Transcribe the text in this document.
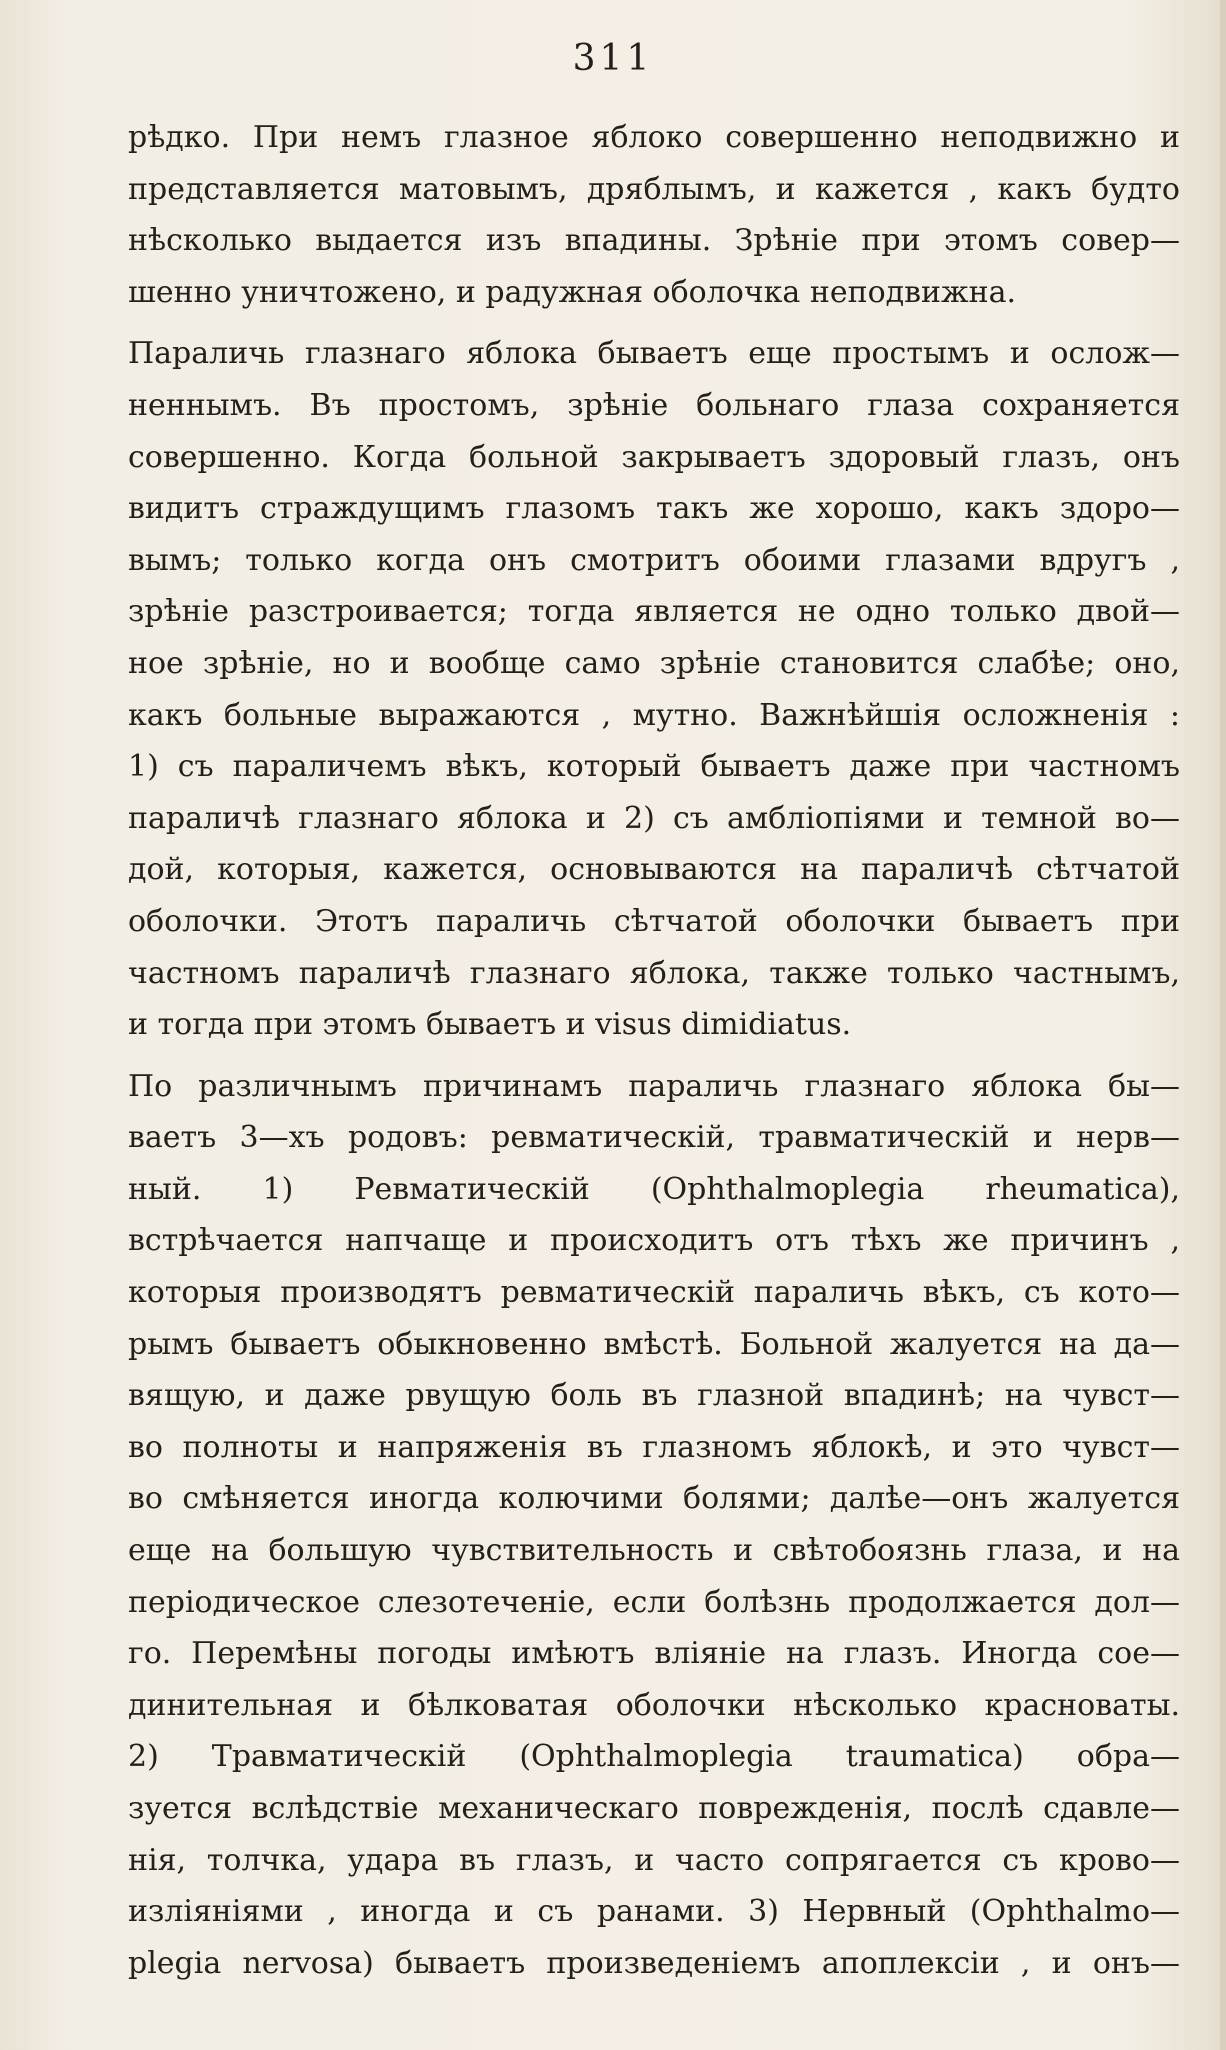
311
рѣдко. При немъ глазное яблоко совершенно неподвижно и
представляется матовымъ, дряблымъ, и кажется , какъ будто
нѣсколько выдается изъ впадины. Зрѣніе при этомъ совер—
шенно уничтожено, и радужная оболочка неподвижна.
Параличь глазнаго яблока бываетъ еще простымъ и ослож—
неннымъ. Въ простомъ, зрѣніе больнаго глаза сохраняется
совершенно. Когда больной закрываетъ здоровый глазъ, онъ
видитъ страждущимъ глазомъ такъ же хорошо, какъ здоро—
вымъ; только когда онъ смотритъ обоими глазами вдругъ ,
зрѣніе разстроивается; тогда является не одно только двой—
ное зрѣніе, но и вообще само зрѣніе становится слабѣе; оно,
какъ больные выражаются , мутно. Важнѣйшія осложненія :
1) съ параличемъ вѣкъ, который бываетъ даже при частномъ
параличѣ глазнаго яблока и 2) съ амбліопіями и темной во—
дой, которыя, кажется, основываются на параличѣ сѣтчатой
оболочки. Этотъ параличь сѣтчатой оболочки бываетъ при
частномъ параличѣ глазнаго яблока, также только частнымъ,
и тогда при этомъ бываетъ и visus dimidiatus.
По различнымъ причинамъ параличь глазнаго яблока бы—
ваетъ 3—хъ родовъ: ревматическій, травматическій и нерв—
ный. 1) Ревматическій (Ophthalmoplegia rheumatica),
встрѣчается напчаще и происходитъ отъ тѣхъ же причинъ ,
которыя производятъ ревматическій параличь вѣкъ, съ кото—
рымъ бываетъ обыкновенно вмѣстѣ. Больной жалуется на да—
вящую, и даже рвущую боль въ глазной впадинѣ; на чувст—
во полноты и напряженія въ глазномъ яблокѣ, и это чувст—
во смѣняется иногда колючими болями; далѣе—онъ жалуется
еще на большую чувствительность и свѣтобоязнь глаза, и на
періодическое слезотеченіе, если болѣзнь продолжается дол—
го. Перемѣны погоды имѣютъ вліяніе на глазъ. Иногда сое—
динительная и бѣлковатая оболочки нѣсколько красноваты.
2) Травматическій (Ophthalmoplegia traumatica) обра—
зуется вслѣдствіе механическаго поврежденія, послѣ сдавле—
нія, толчка, удара въ глазъ, и часто сопрягается съ крово—
изліяніями , иногда и съ ранами. 3) Нервный (Ophthalmo—
plegia nervosa) бываетъ произведеніемъ апоплексіи , и онъ—
